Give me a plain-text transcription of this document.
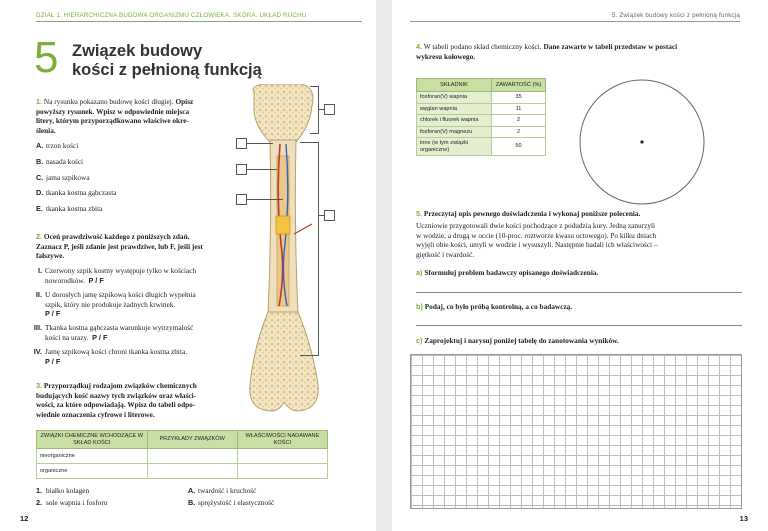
DZIAŁ 1. HIERARCHICZNA BUDOWA ORGANIZMU CZŁOWIEKA. SKÓRA. UKŁAD RUCHU
5 Związek budowy
kości z pełnioną funkcją
1. Na rysunku pokazano budowę kości długiej. Opisz
powyższy rysunek. Wpisz w odpowiednie miejsca
litery, którym przyporządkowano właściwe okre-
ślenia.
A. trzon kości
B. nasada kości
C. jama szpikowa
D. tkanka kostna gąbczasta
E. tkanka kostna zbita
2. Oceń prawdziwość każdego z poniższych zdań.
Zaznacz P, jeśli zdanie jest prawdziwe, lub F, jeśli jest
fałszywe.
I. Czerwony szpik kostny występuje tylko w kościach
noworodków. P / F
II. U dorosłych jamę szpikową kości długich wypełnia
szpik, który nie produkuje żadnych krwinek.
P / F
III. Tkanka kostna gąbczasta warunkuje wytrzymałość
kości na urazy. P / F
IV. Jamę szpikową kości chroni tkanka kostna zbita.
P / F
3. Przyporządkuj rodzajom związków chemicznych
budujących kość nazwy tych związków oraz właści-
wości, za które odpowiadają. Wpisz do tabeli odpo-
wiednie oznaczenia cyfrowe i literowe.
ZWIĄZKI CHEMICZNE WCHODZĄCE W SKŁAD KOŚCI	PRZYKŁADY ZWIĄZKÓW	WŁAŚCIWOŚCI NADAWANE KOŚCI
nieorganiczne		
organiczne		
1. białko kolagen
2. sole wapnia i fosforu
A. twardość i kruchość
B. sprężystość i elastyczność
12
5. Związek budowy kości z pełnioną funkcją
4. W tabeli podano skład chemiczny kości. Dane zawarte w tabeli przedstaw w postaci
wykresu kołowego.
SKŁADNIK	ZAWARTOŚĆ (%)
fosforan(V) wapnia	35
węglan wapnia	11
chlorek i fluorek wapnia	2
fosforan(V) magnezu	2
inne (w tym związki organiczne)	50
5. Przeczytaj opis pewnego doświadczenia i wykonaj poniższe polecenia.
Uczniowie przygotowali dwie kości pochodzące z podudzia kury. Jedną zanurzyli
w wodzie, a drugą w occie (10-proc. roztworze kwasu octowego). Po kilku dniach
wyjęli obie kości, umyli w wodzie i wysuszyli. Następnie badali ich właściwości –
giętkość i twardość.
a) Sformułuj problem badawczy opisanego doświadczenia.
b) Podaj, co było próbą kontrolną, a co badawczą.
c) Zaprojektuj i narysuj poniżej tabelę do zanotowania wyników.
13
